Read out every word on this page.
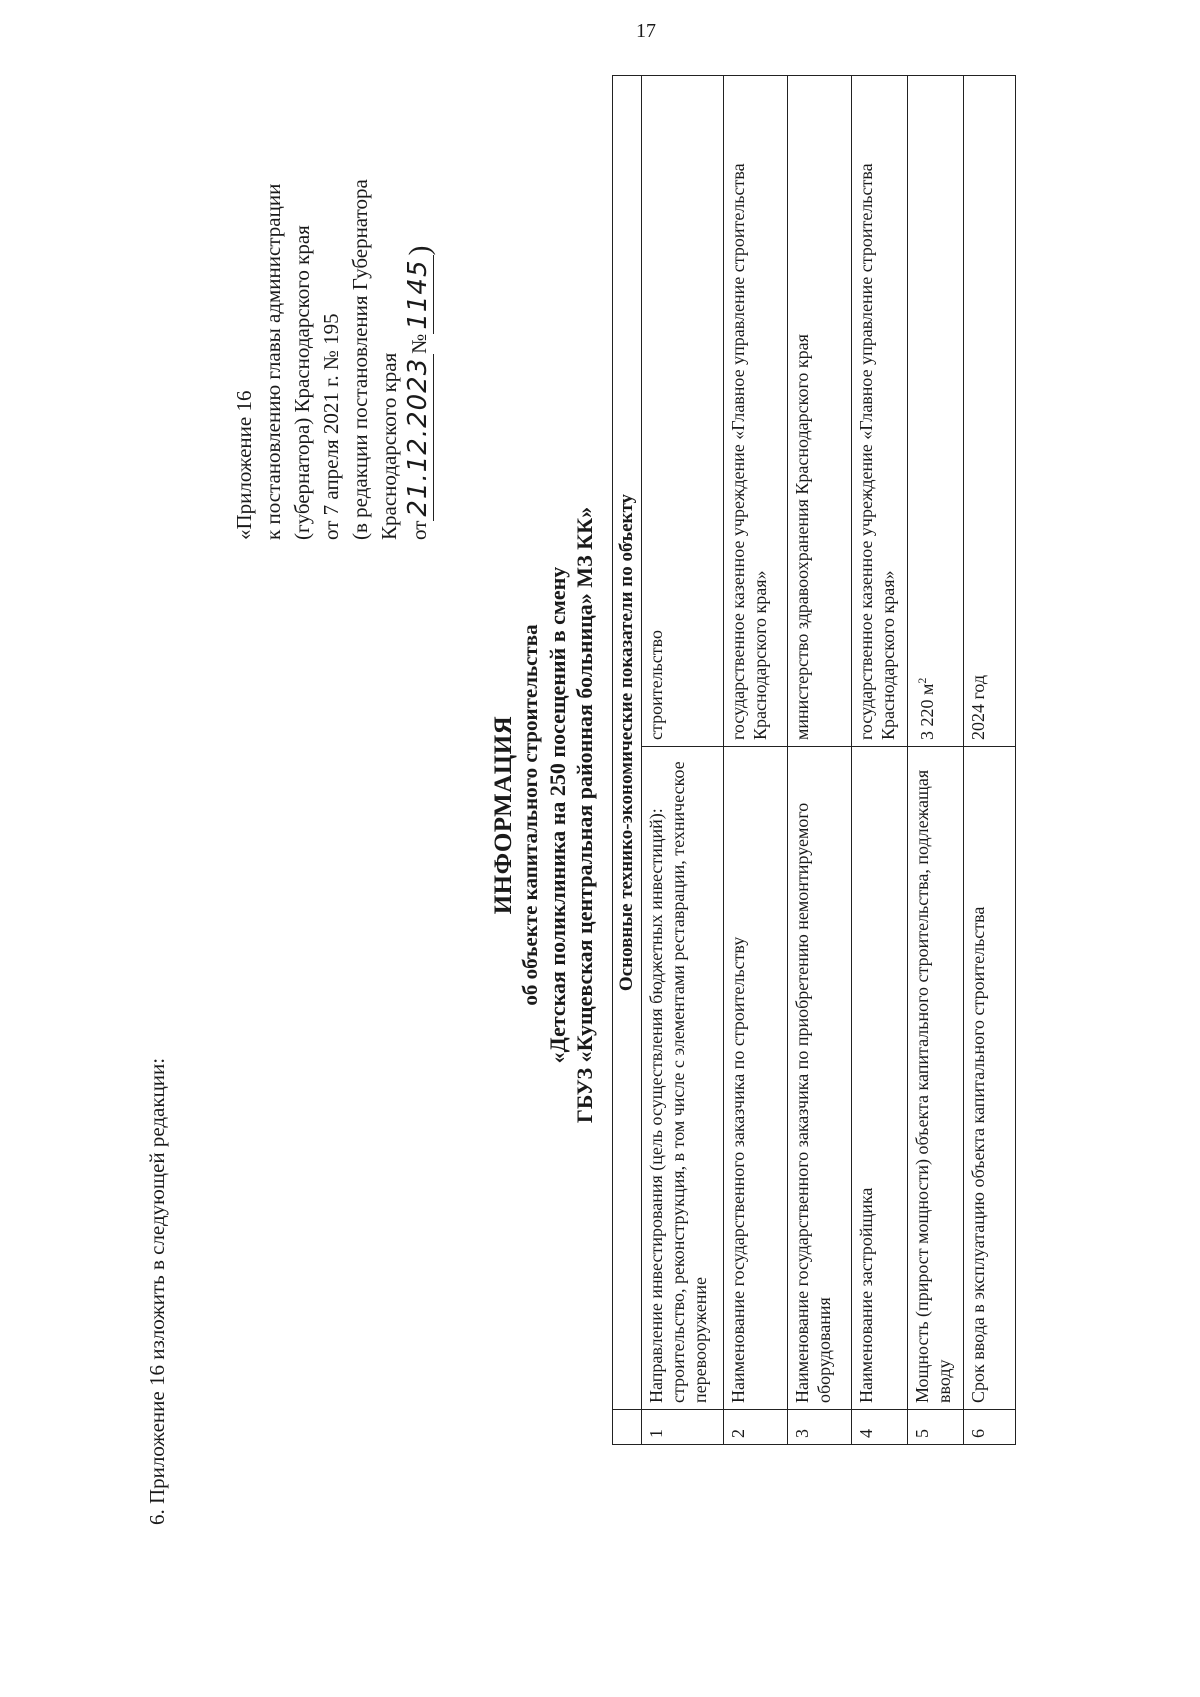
17
6. Приложение 16 изложить в следующей редакции:
«Приложение 16 к постановлению главы администрации (губернатора) Краснодарского края от 7 апреля 2021 г. № 195 (в редакции постановления Губернатора Краснодарского края от21.12.2023№1145)
ИНФОРМАЦИЯ об объекте капитального строительства «Детская поликлиника на 250 посещений в смену ГБУЗ «Кущевская центральная районная больница» МЗ КК»
	Основные технико-экономические показатели по объекту	
1	Направление инвестирования (цель осуществления бюджетных инвестиций): строительство, реконструкция, в том числе с элементами реставрации, техническое перевооружение	строительство
2	Наименование государственного заказчика по строительству	государственное казенное учреждение «Главное управление строительства Краснодарского края»
3	Наименование государственного заказчика по приобретению немонтируемого оборудования	министерство здравоохранения Краснодарского края
4	Наименование застройщика	государственное казенное учреждение «Главное управление строительства Краснодарского края»
5	Мощность (прирост мощности) объекта капитального строительства, подлежащая вводу	3 220 $м^2$
6	Срок ввода в эксплуатацию объекта капитального строительства	2024 год
